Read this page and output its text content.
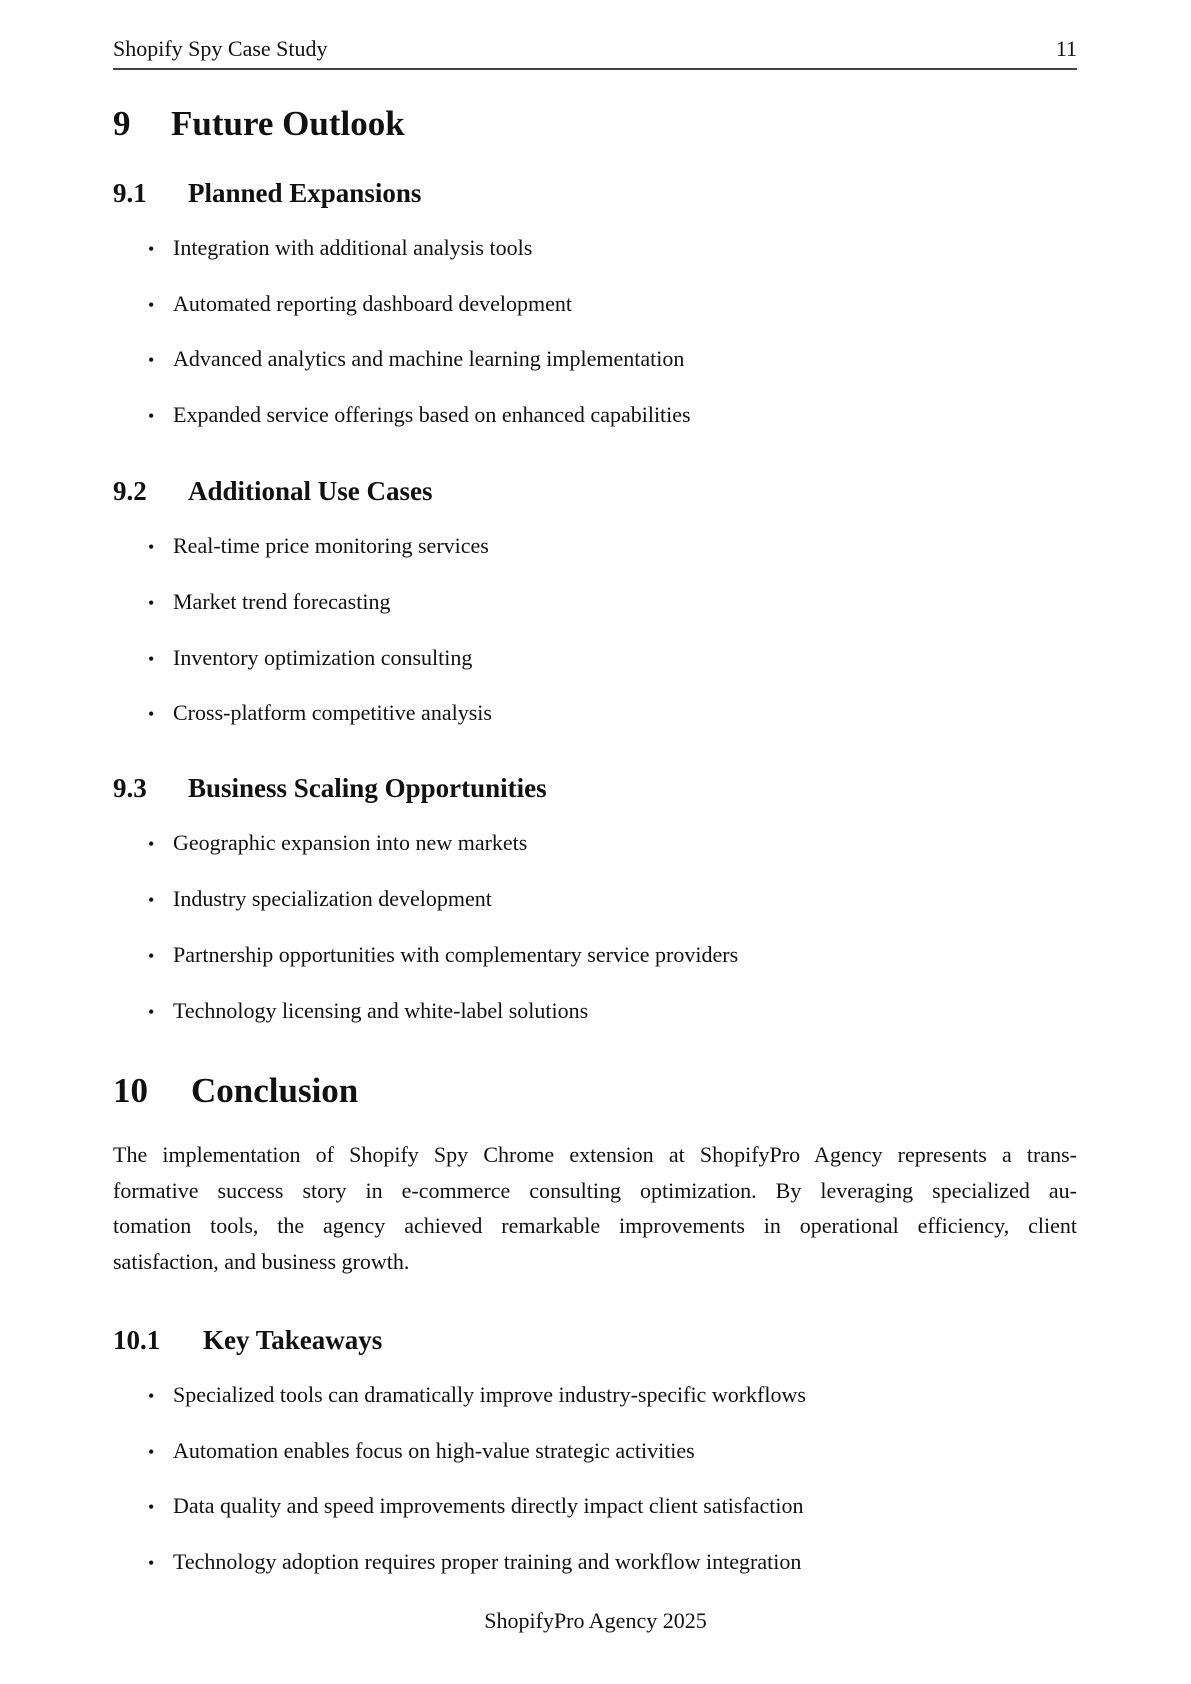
Shopify Spy Case Study	11
9 Future Outlook
9.1 Planned Expansions
• Integration with additional analysis tools
• Automated reporting dashboard development
• Advanced analytics and machine learning implementation
• Expanded service offerings based on enhanced capabilities
9.2 Additional Use Cases
• Real-time price monitoring services
• Market trend forecasting
• Inventory optimization consulting
• Cross-platform competitive analysis
9.3 Business Scaling Opportunities
• Geographic expansion into new markets
• Industry specialization development
• Partnership opportunities with complementary service providers
• Technology licensing and white-label solutions
10 Conclusion
The implementation of Shopify Spy Chrome extension at ShopifyPro Agency represents a trans-
formative success story in e-commerce consulting optimization. By leveraging specialized au-
tomation tools, the agency achieved remarkable improvements in operational efficiency, client
satisfaction, and business growth.
10.1 Key Takeaways
• Specialized tools can dramatically improve industry-specific workflows
• Automation enables focus on high-value strategic activities
• Data quality and speed improvements directly impact client satisfaction
• Technology adoption requires proper training and workflow integration
ShopifyPro Agency 2025
